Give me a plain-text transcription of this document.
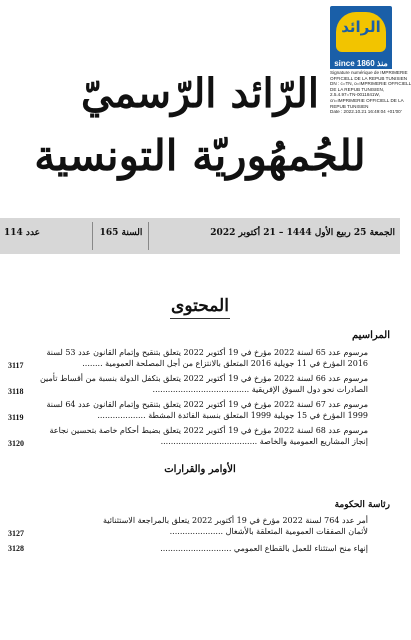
الرائد
since 1860 منذ
Signature numérique de IMPRIMERIE
OFFICIELL DE LA REPUB TUNISIEN
DN : c=TN, o=IMPRIMERIE OFFICIELL
DE LA REPUB TUNISIEN,
2.5.4.97=TN-0011841W,
cn=IMPRIMERIE OFFICIELL DE LA
REPUB TUNISIEN
Date : 2022.10.21 16:49:04 +01'00'
الرّائد الرّسميّ
للجُمهُوريّة التونسية
الجمعة 25 ربيع الأول 1444 – 21 أكتوبر 2022
السنة 165
عدد 114
المحتوى
المراسيم
مرسوم عدد 65 لسنة 2022 مؤرخ في 19 أكتوبر 2022 يتعلق بتنقيح وإتمام القانون عدد 53 لسنة
2016 المؤرخ في 11 جويلية 2016 المتعلق بالانتزاع من أجل المصلحة العمومية ........
3117
مرسوم عدد 66 لسنة 2022 مؤرخ في 19 أكتوبر 2022 يتعلق بتكفل الدولة بنسبة من أقساط تأمين
الصادرات نحو دول السوق الإفريقية ......................................
3118
مرسوم عدد 67 لسنة 2022 مؤرخ في 19 أكتوبر 2022 يتعلق بتنقيح وإتمام القانون عدد 64 لسنة
1999 المؤرخ في 15 جويلية 1999 المتعلق بنسبة الفائدة المشطة ...................
3119
مرسوم عدد 68 لسنة 2022 مؤرخ في 19 أكتوبر 2022 يتعلق بضبط أحكام خاصة بتحسين نجاعة
إنجاز المشاريع العمومية والخاصة ......................................
3120
الأوامر والقرارات
رئاسة الحكومة
أمر عدد 764 لسنة 2022 مؤرخ في 19 أكتوبر 2022 يتعلق بالمراجعة الاستثنائية
لأثمان الصفقات العمومية المتعلقة بالأشغال .....................
3127
إنهاء منح استثناء للعمل بالقطاع العمومي ............................
3128
